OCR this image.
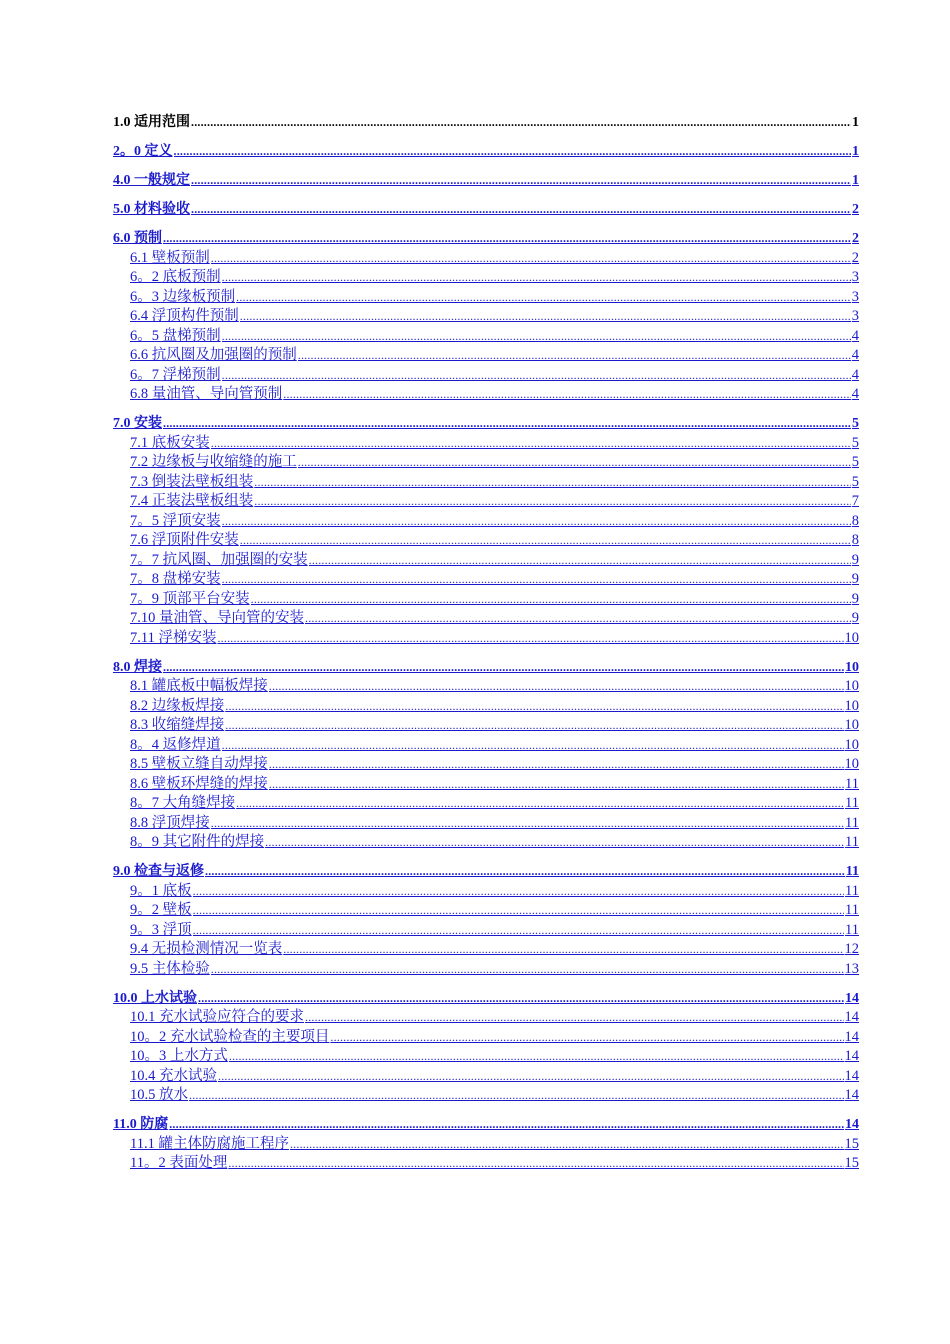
1.0 适用范围 .....	1
2。0 定义 .....	1
4.0 一般规定 .....	1
5.0 材料验收 .....	2
6.0 预制 .....	2
6.1 壁板预制 .....	2
6。2 底板预制 .....	3
6。3 边缘板预制 .....	3
6.4 浮顶构件预制 .....	3
6。5 盘梯预制 .....	4
6.6 抗风圈及加强圈的预制 .....	4
6。7 浮梯预制 .....	4
6.8 量油管、导向管预制 .....	4
7.0 安装 .....	5
7.1 底板安装 .....	5
7.2 边缘板与收缩缝的施工 .....	5
7.3 倒装法壁板组装 .....	5
7.4 正装法壁板组装 .....	7
7。5 浮顶安装 .....	8
7.6 浮顶附件安装 .....	8
7。7 抗风圈、加强圈的安装 .....	9
7。8 盘梯安装 .....	9
7。9 顶部平台安装 .....	9
7.10 量油管、导向管的安装 .....	9
7.11 浮梯安装 .....	10
8.0 焊接 .....	10
8.1 罐底板中幅板焊接 .....	10
8.2 边缘板焊接 .....	10
8.3 收缩缝焊接 .....	10
8。4 返修焊道 .....	10
8.5 壁板立缝自动焊接 .....	10
8.6 壁板环焊缝的焊接 .....	11
8。7 大角缝焊接 .....	11
8.8 浮顶焊接 .....	11
8。9 其它附件的焊接 .....	11
9.0 检查与返修 .....	11
9。1 底板 .....	11
9。2 壁板 .....	11
9。3 浮顶 .....	11
9.4 无损检测情况一览表 .....	12
9.5 主体检验 .....	13
10.0 上水试验 .....	14
10.1 充水试验应符合的要求 .....	14
10。2 充水试验检查的主要项目 .....	14
10。3 上水方式 .....	14
10.4 充水试验 .....	14
10.5 放水 .....	14
11.0 防腐 .....	14
11.1 罐主体防腐施工程序 .....	15
11。2 表面处理 .....	15
